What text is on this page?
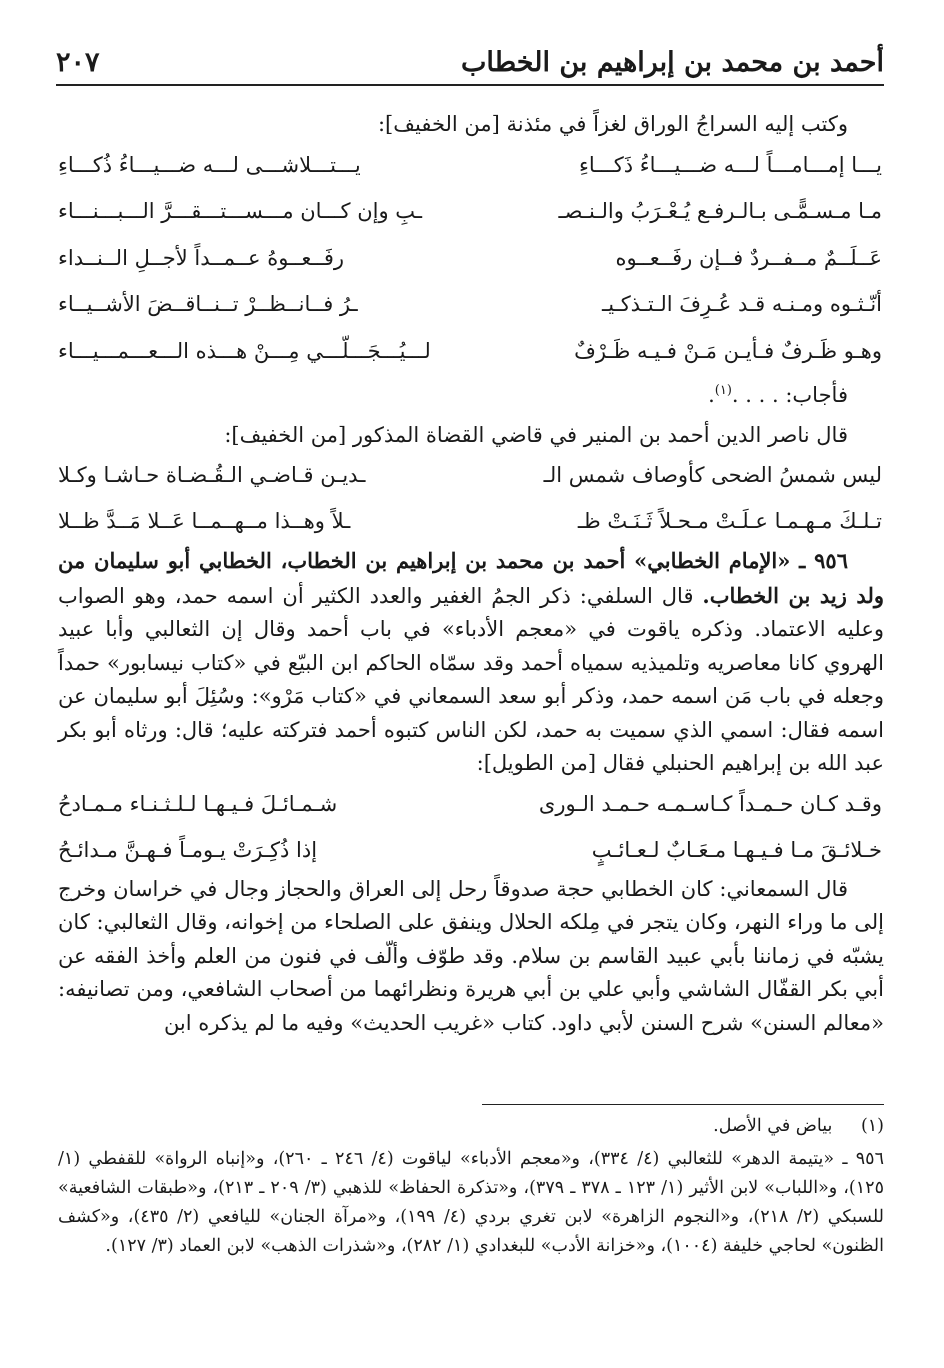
أحمد بن محمد بن إبراهيم بن الخطاب
٢٠٧

وكتب إليه السراجُ الوراق لغزاً في مئذنة [من الخفيف]:

يـــا إمـــامـــاً لـــه ضـــيـــاءُ ذَكـــاءِ
يـــتـــلاشـــى لـــه ضـــيـــاءُ ذُكـــاءِ
مـا مـسـمًّـى بـالـرفـع يُـعْـرَبُ والـنـصـ
ـبِ وإن كـــان مـــســـتـــقـــرَّ الـــبـــنـــاء
عَــلَــمٌ مــفــردٌ فــإن رفَــعــوه
رفَــعــوهُ عــمــداً لأجــلِ الــنــداء
أنّـثـوه ومـنـه قـد عُـرِفَ الـتـذكـيـ
ـرُ فــانــظــرْ تــنــاقــضَ الأشــيــاء
وهـو ظَـرفٌ فـأيـن مَـنْ فـيـه ظَـرْفٌ
لـــيُـــجَـــلّـــي مِـــنْ هـــذه الـــعـــمـــيـــاء

فأجاب: . . . .$^{(١)}$.

قال ناصر الدين أحمد بن المنير في قاضي القضاة المذكور [من الخفيف]:

ليس شمسُ الضحى كأوصاف شمس الـ
ـديـن قـاضـي الـقُـضـاة حـاشـا وكـلا
تـلـكَ مـهـمـا عـلَـتْ مـحـلاً ثَـنَـتْ ظـ
ـلاً وهــذا مــهــمــا عَــلا مَــدَّ ظــلا

٩٥٦ ـ «الإمام الخطابي» أحمد بن محمد بن إبراهيم بن الخطاب، الخطابي أبو سليمان من ولد زيد بن الخطاب. قال السلفي: ذكر الجمُ الغفير والعدد الكثير أن اسمه حمد، وهو الصواب وعليه الاعتماد. وذكره ياقوت في «معجم الأدباء» في باب أحمد وقال إن الثعالبي وأبا عبيد الهروي كانا معاصريه وتلميذيه سمياه أحمد وقد سمّاه الحاكم ابن البيّع في «كتاب نيسابور» حمداً وجعله في باب مَن اسمه حمد، وذكر أبو سعد السمعاني في «كتاب مَرْو»: وسُئِلَ أبو سليمان عن اسمه فقال: اسمي الذي سميت به حمد، لكن الناس كتبوه أحمد فتركته عليه؛ قال: ورثاه أبو بكر عبد الله بن إبراهيم الحنبلي فقال [من الطويل]:

وقـد كـان حـمـداً كـاسـمـه حـمـد الـورى
شـمـائـلَ فـيـهـا لـلـثـنـاء مـمـادحُ
خـلائـقَ مـا فـيـهـا مـعَـابٌ لـعـائـبٍ
إذا ذُكِـرَتْ يـومـاً فـهـنَّ مـدائـحُ

قال السمعاني: كان الخطابي حجة صدوقاً رحل إلى العراق والحجاز وجال في خراسان وخرج إلى ما وراء النهر، وكان يتجر في مِلكه الحلال وينفق على الصلحاء من إخوانه، وقال الثعالبي: كان يشبّه في زماننا بأبي عبيد القاسم بن سلام. وقد طوّف وألّف في فنون من العلم وأخذ الفقه عن أبي بكر القفّال الشاشي وأبي علي بن أبي هريرة ونظرائهما من أصحاب الشافعي، ومن تصانيفه: «معالم السنن» شرح السنن لأبي داود. كتاب «غريب الحديث» وفيه ما لم يذكره ابن

(١) بياض في الأصل.

٩٥٦ ـ «يتيمة الدهر» للثعالبي (٤/ ٣٣٤)، و«معجم الأدباء» لياقوت (٤/ ٢٤٦ ـ ٢٦٠)، و«إنباه الرواة» للقفطي (١/ ١٢٥)، و«اللباب» لابن الأثير (١/ ١٢٣ ـ ٣٧٨ ـ ٣٧٩)، و«تذكرة الحفاظ» للذهبي (٣/ ٢٠٩ ـ ٢١٣)، و«طبقات الشافعية» للسبكي (٢/ ٢١٨)، و«النجوم الزاهرة» لابن تغري بردي (٤/ ١٩٩)، و«مرآة الجنان» لليافعي (٢/ ٤٣٥)، و«كشف الظنون» لحاجي خليفة (١٠٠٤)، و«خزانة الأدب» للبغدادي (١/ ٢٨٢)، و«شذرات الذهب» لابن العماد (٣/ ١٢٧).
